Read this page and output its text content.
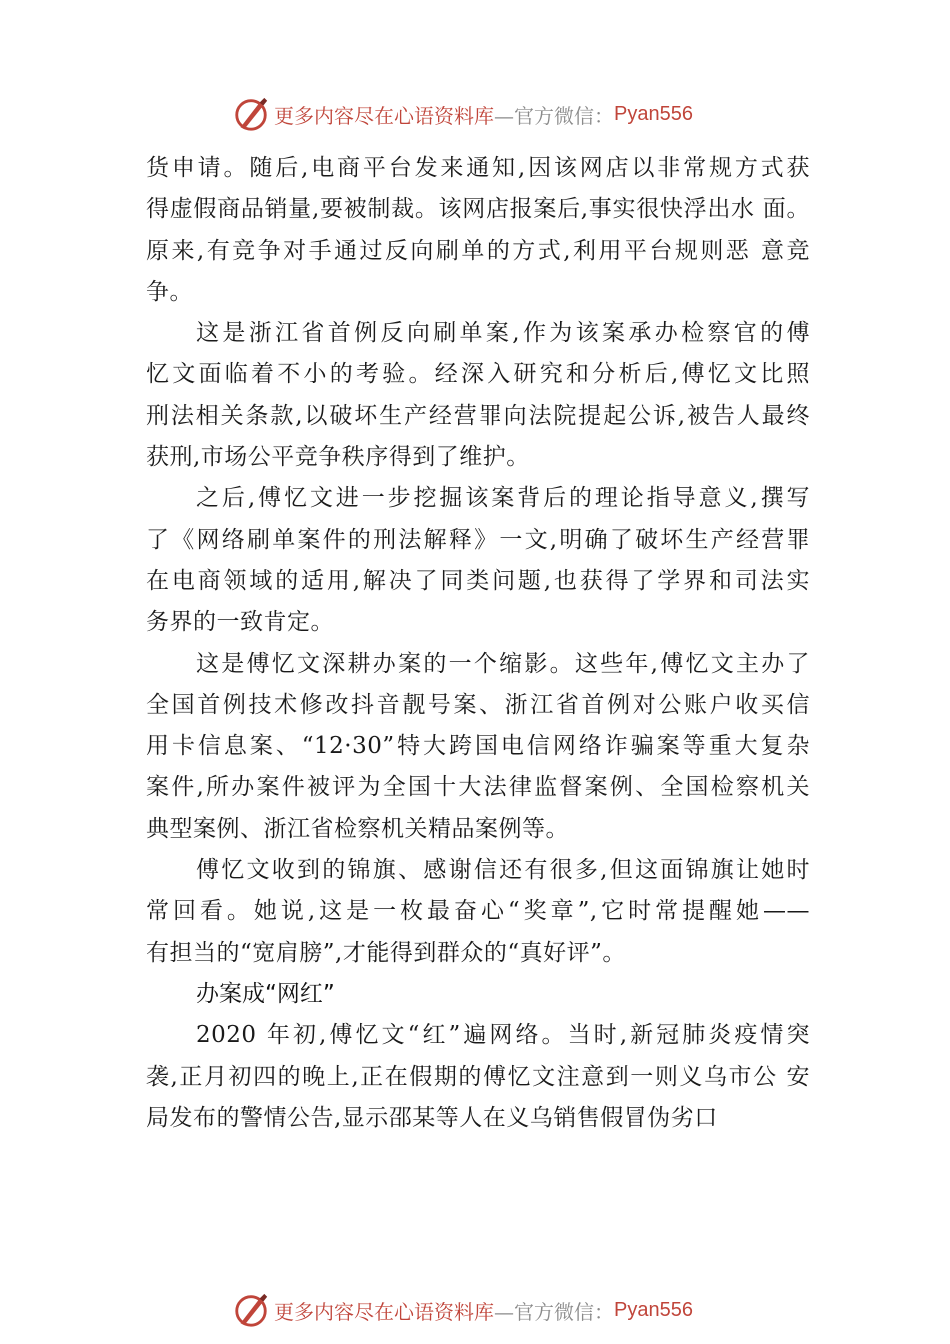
更多内容尽在心语资料库 —官方微信： Pyan556
货申请。随后,电商平台发来通知,因该网店以非常规方式获
得虚假商品销量,要被制裁。该网店报案后,事实很快浮出水 面。
原来,有竞争对手通过反向刷单的方式,利用平台规则恶 意竞
争。
这是浙江省首例反向刷单案,作为该案承办检察官的傅
忆文面临着不小的考验。经深入研究和分析后,傅忆文比照
刑法相关条款,以破坏生产经营罪向法院提起公诉,被告人最终
获刑,市场公平竞争秩序得到了维护。
之后,傅忆文进一步挖掘该案背后的理论指导意义,撰写
了《网络刷单案件的刑法解释》一文,明确了破坏生产经营罪
在电商领域的适用,解决了同类问题,也获得了学界和司法实
务界的一致肯定。
这是傅忆文深耕办案的一个缩影。这些年,傅忆文主办了
全国首例技术修改抖音靓号案、浙江省首例对公账户收买信
用卡信息案、“12·30”特大跨国电信网络诈骗案等重大复杂
案件,所办案件被评为全国十大法律监督案例、全国检察机关
典型案例、浙江省检察机关精品案例等。
傅忆文收到的锦旗、感谢信还有很多,但这面锦旗让她时
常回看。她说,这是一枚最奋心“奖章”,它时常提醒她——
有担当的“宽肩膀”,才能得到群众的“真好评”。
办案成“网红”
2020 年初,傅忆文“红”遍网络。当时,新冠肺炎疫情突
袭,正月初四的晚上,正在假期的傅忆文注意到一则义乌市公 安
局发布的警情公告,显示邵某等人在义乌销售假冒伪劣口
更多内容尽在心语资料库 —官方微信： Pyan556
